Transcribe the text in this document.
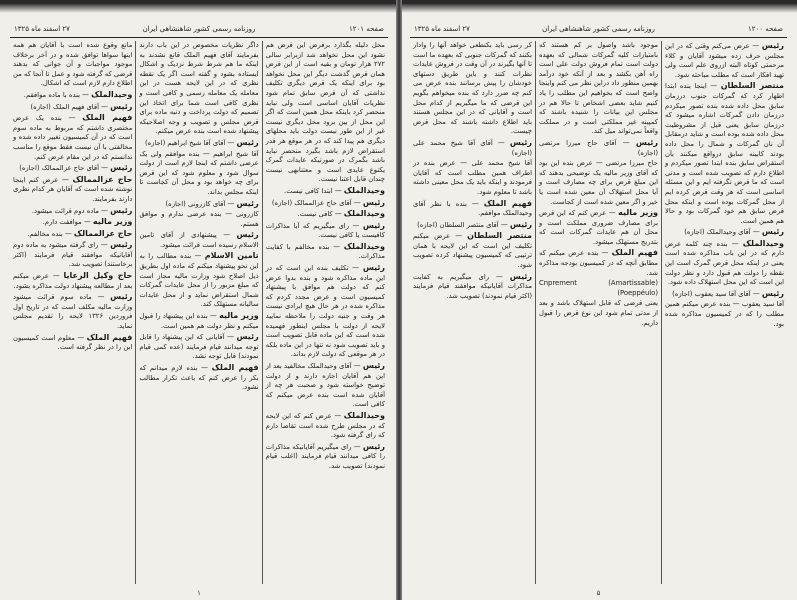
صفحه ۱۲۰۱
روزنامه رسمی کشور شاهنشاهی ایران
۲۷ اسفند ماه ۱۳۲۵

محل دلیله بگذارد برفرض این قرض هم نشود این محل نخواهد شد ازبرابر سالی ۲۷۲ هزار تومان و بقیه است از این قرض همان قرض گذشت دیگر این محل نخواهد بود برای اینکه یک قرض دیگری تکلیف نداشتی که آن قرض سابق تمام شود نظریات آقایان اساسی است ولی نباید منحصر کرد باینکه محل همین است که اگر این محل از بین برود محل دیگری نیست غیر از این طور نیست دولت باید محلهای دیگری هم پیدا کند که در هر موقع هر قدر استقراض لازم باشد بگیرد منحصر نباید باشد بگمرک در صورتیکه عایدات گمرک یکنوع عایدی است و معتنابهی نیست چندان قابل اعتنا نیست.

وحیدالملک — ابتدا کافی نیست.

رئیس — آقای حاج عزالممالک (اجازه)

وحیدالملک — کافی نیست.

رئیس — رای میگیریم که آیا مذاکرات کافیست یا کافی نیست.

وحیدالملک — بنده مخالفم با کفایت مذاکرات.

رئیس — تکلیف بنده این است که در این ماده مذاکره شود و بنده بدوا عرض کنم که دولت هم موافق با پیشنهاد کمیسیون است و عرض مجدد کردم که مذاکره شده در هر حال هیچ ایرادی نیست هر وقت و جنبه دولت را ملاحظه نمایید لایحه از دولت با مجلس اینطور فهمیده شده است که این ماده قابل تصویب است و باید تصویب شود نه تنها در این ماده بلکه در هر موقعی که دولت لازم بداند.

رئیس — آقای وحیدالملک مخالفید بعد از این هم آقایان اجازه دارند و از دولت توضیح خواسته شود و صحبت هر چه از آقایان شده است بنده عرض میکنم که کافی است.

وحیدالملک — عرض کنم که این لایحه که در مجلس طرح شده است تقاضا دارم که رای گرفته شود.

رئیس — رای میگیریم آقایانیکه مذاکرات را کافی میدانند قیام فرمایند (اغلب قیام نمودند) تصویب شد.

داگر نظریات مخصوص در این باب دارند بفرمایند آقای فهیم الملک قانع نشدند به اینکه ما هم شرط شرط نزدیک و اشکال ایستاده بشود و گفته است اگر یک نقطه نظری که در این لایحه هست در این معامله یک معامله رسمی و کافی است و نظری کافی است شما برای اتخاذ این تصمیم که دولت پرداخت و دنبه ماده برای قرض مجلس و تصویب و وجه اصلاحیکه پیشنهاد شده است بنده عرض میکنم.

رئیس — آقای آقا شیخ ابراهیم (اجازه)

آقا شیخ ابراهیم — بنده موافقم ولی یک عرضی داشتم که اینجا لازم است از دولت سوال شود و معلوم شود که این قرض برای چه خواهد بود و محل آن کجاست تا اینکه مجلس بداند.

رئیس — آقای کازرونی (اجازه)

کازرونی — بنده عرضی ندارم و موافق هستم.

رئیس — پیشنهادی از آقای تامین الاسلام رسیده است قرائت میشود.

تامین الاسلام — بنده مطالب را به این نحو پیشنهاد میکنم که ماده اول بطریق ذیل اصلاح شود وزارت مالیه مجاز است که مبلغ مزبور را از محل عایدات گمرکات شمال استقراض نماید و از محل عایدات سالیانه مستهلک کند.

وزیر مالیه — بنده این پیشنهاد را قبول میکنم و نظر دولت هم همین است.

رئیس — آقایانی که این پیشنهاد را قابل توجه میدانند قیام فرمایند (عده کمی قیام نمودند) قابل توجه نشد.

فهیم الملک — بنده لازم میدانم که بکر را عرض کنم که باعث تکرار مطالب نشود.

مانع وقوع شده است با آقایان هم همه اینها سواها توافق شده و در آخر برخلاف موجود مواجبات و آن جوانی که بدهند قرضی که گرفته شود و عمل تا آنجا که من اطلاع دارم لازم است که اشکال.

وحیدالملک — بنده با ماده موافقم.

رئیس — آقای فهیم الملک (اجازه)

فهیم الملک — بنده یک عرض مختصری داشتم که مربوط به ماده سوم است که در آن کمیسیون تغییر داده شده و مخالفتی با آن نیست فقط موقع را مناسب ندانستم که در این مقام عرض کنم.

رئیس — آقای حاج عزالممالک (اجازه)

حاج عزالممالک — عرض کنم اینجا نوشته شده است که آقایان هر کدام نظری دارند بفرمایند.

رئیس — ماده دوم قرائت میشود.

وزیر مالیه — موافقت دارم.

حاج عزالممالک — بنده مخالفم.

رئیس — رای گرفته میشود به ماده دوم آقایانیکه موافقند قیام فرمایند (اکثر برخاستند) تصویب شد.

حاج وکیل الرعایا — عرض میکنم بعد از مطالعه پیشنهاد دولت مذاکره بشود.

رئیس — ماده سوم قرائت میشود وزارت مالیه مکلف است که در تاریخ اول فروردین ۱۳۲۶ لایحه را تقدیم مجلس نماید.

فهیم الملک — معلوم است کمیسیون این را در نظر گرفته است.

۱
صفحه ۱۲۰۰
روزنامه رسمی کشور شاهنشاهی ایران
۲۷ اسفند ماه ۱۳۲۵

رئیس — عرض می‌کنم وقتی که در این مجلس حرف زده میشود آقایان و کلاء مرحمتی کوتاه البته ازروی علم است ولی تهید افکار است که مطلب مباحثه شود.

منتصر السلطان — اینجا بنده ابتدا اظهار کرد که گمرکات جنوب درزمان سابق محل داده شده بنده تصور میکردم درزمان دادن گمرکات اشاره میشود که درزمان سابق یعنی قبل از مشروطیت محل داده شده بوده است و شاید درمقابل آن نان گمرکات و شمال را محل داده بودند کابینه سابق درواقع میکنند بآن استقراض سابق بنده ابتدا تصور میکردم و اطلاع دارم که تصویب شده است و مدتی است که ما قرض نگرفته ایم و این مسئله اساسی است که هر وقت قرض کرده ایم از محل گمرکات بوده است و اینکه محل قرض سابق هم خود گمرکات بود و حالا هم همین است.

رئیس — آقای وحیدالملک (اجازه)

وحیدالملک — بنده چند کلمه عرض دارم که در این باب مذاکره شده است یعنی در اینکه محل قرض گمرک است این نقطه را دولت هم قبول دارد و نظر دولت این است که این محل استهلاک داده شود.

رئیس — آقای آقا سید یعقوب (اجازه)

آقا سید یعقوب — بنده عرض میکنم همین مطلب را که در کمیسیون مذاکره شده بود.

موجود باشد واصول بر کم هستند که بامتیازات کلیه گمرکات شمالی که بعهده دولت است تمام فروش دولت علی است راه آهن بکشد و بعد از آنکه خود درآمد بهمین منظور داد دراین نظر می کنم واینجا واضح است که بخواهیم این مطلب را یاد کنیم شاید بعضی اشخاص تا حالا هم در مجلس این بیانات را شنیده باشند که کمپینه غیر مملکتی است و در مملکت واقعاً نمی‌تواند میل کند.

رئیس — آقای حاج میرزا مرتضی (اجازه)

حاج میرزا مرتضی — عرض بنده این بود که آقای وزیر مالیه یک توضیحی بدهند که این مبلغ قرض برای چه مصارف است و آیا محل استهلاک آن معین شده است یا خیر و اگر معین شده است از کجاست.

وزیر مالیه — عرض کنم که این قرض برای مصارف ضروری مملکت است و محل آن هم عایدات گمرکات است که بتدریج مستهلک میشود.

فهیم الملک — بنده عرض میکنم که مطابق آنچه که در کمیسیون بودجه مذاکره شد.

(Amartissable) Cnprement (Poeppéulo)

یعنی قرضی که قابل استهلاک باشد و بعد از مدتی تمام شود این نوع قرض را قبول داریم.

کر رسی باید بکنطعی خواهد آنها را وادار بکنند که گمرکات جنوبی که بعهده ما است تا آنها بگیرند در آن وقت در فروش عایدات نظرات کنند و باین طریق دستهای خودشان را پیش برسانند بنده عرض می کنم چه ضرر دارد که بنده میخواهم بگویم این قرضی که ما میگیریم از کدام محل است و آقایانی که در این مجلس هستند باید اطلاع داشته باشند که محل قرض چیست.

رئیس — آقای آقا شیخ محمد علی (اجازه)

آقا شیخ محمد علی — عرض بنده در اطراف همین مطلب است که آقایان فرمودند و اینکه باید یک محل معینی داشته باشد تا معلوم شود.

فهیم الملک — بنده با نظر آقای وحیدالملک موافقم.

رئیس — آقای منتصر السلطان (اجازه)

منتصر السلطان — عرض میکنم تکلیف این است که این لایحه با همان ترتیبی که کمیسیون پیشنهاد کرده تصویب شود.

رئیس — رای میگیریم به کفایت مذاکرات آقایانیکه موافقند قیام فرمایند (اکثر قیام نمودند) تصویب شد.

۵
